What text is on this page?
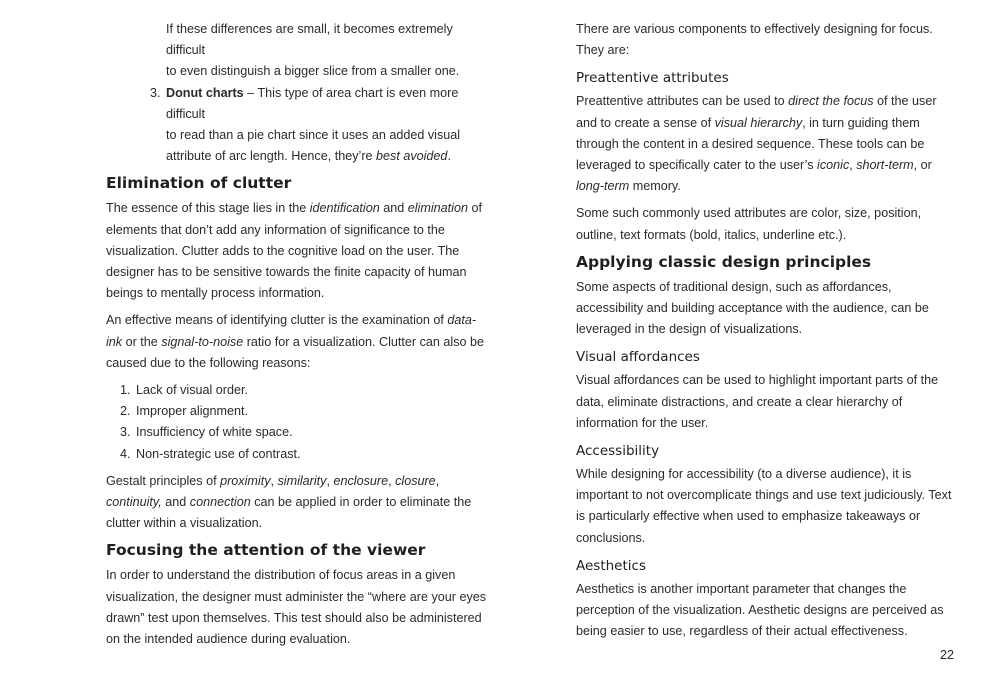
If these differences are small, it becomes extremely difficult
to even distinguish a bigger slice from a smaller one.
3. Donut charts – This type of area chart is even more difficult
to read than a pie chart since it uses an added visual
attribute of arc length. Hence, they’re best avoided.
Elimination of clutter

The essence of this stage lies in the identification and elimination of elements that don’t add any information of significance to the visualization. Clutter adds to the cognitive load on the user. The designer has to be sensitive towards the finite capacity of human beings to mentally process information.

An effective means of identifying clutter is the examination of data-ink or the signal-to-noise ratio for a visualization. Clutter can also be caused due to the following reasons:

1. Lack of visual order.
2. Improper alignment.
3. Insufficiency of white space.
4. Non-strategic use of contrast.

Gestalt principles of proximity, similarity, enclosure, closure, continuity, and connection can be applied in order to eliminate the clutter within a visualization.

Focusing the attention of the viewer

In order to understand the distribution of focus areas in a given visualization, the designer must administer the “where are your eyes drawn” test upon themselves. This test should also be administered on the intended audience during evaluation.

There are various components to effectively designing for focus. They are:

Preattentive attributes

Preattentive attributes can be used to direct the focus of the user and to create a sense of visual hierarchy, in turn guiding them through the content in a desired sequence. These tools can be leveraged to specifically cater to the user’s iconic, short-term, or long-term memory.

Some such commonly used attributes are color, size, position, outline, text formats (bold, italics, underline etc.).

Applying classic design principles

Some aspects of traditional design, such as affordances, accessibility and building acceptance with the audience, can be leveraged in the design of visualizations.

Visual affordances

Visual affordances can be used to highlight important parts of the data, eliminate distractions, and create a clear hierarchy of information for the user.

Accessibility

While designing for accessibility (to a diverse audience), it is important to not overcomplicate things and use text judiciously. Text is particularly effective when used to emphasize takeaways or conclusions.

Aesthetics

Aesthetics is another important parameter that changes the perception of the visualization. Aesthetic designs are perceived as being easier to use, regardless of their actual effectiveness.

22
